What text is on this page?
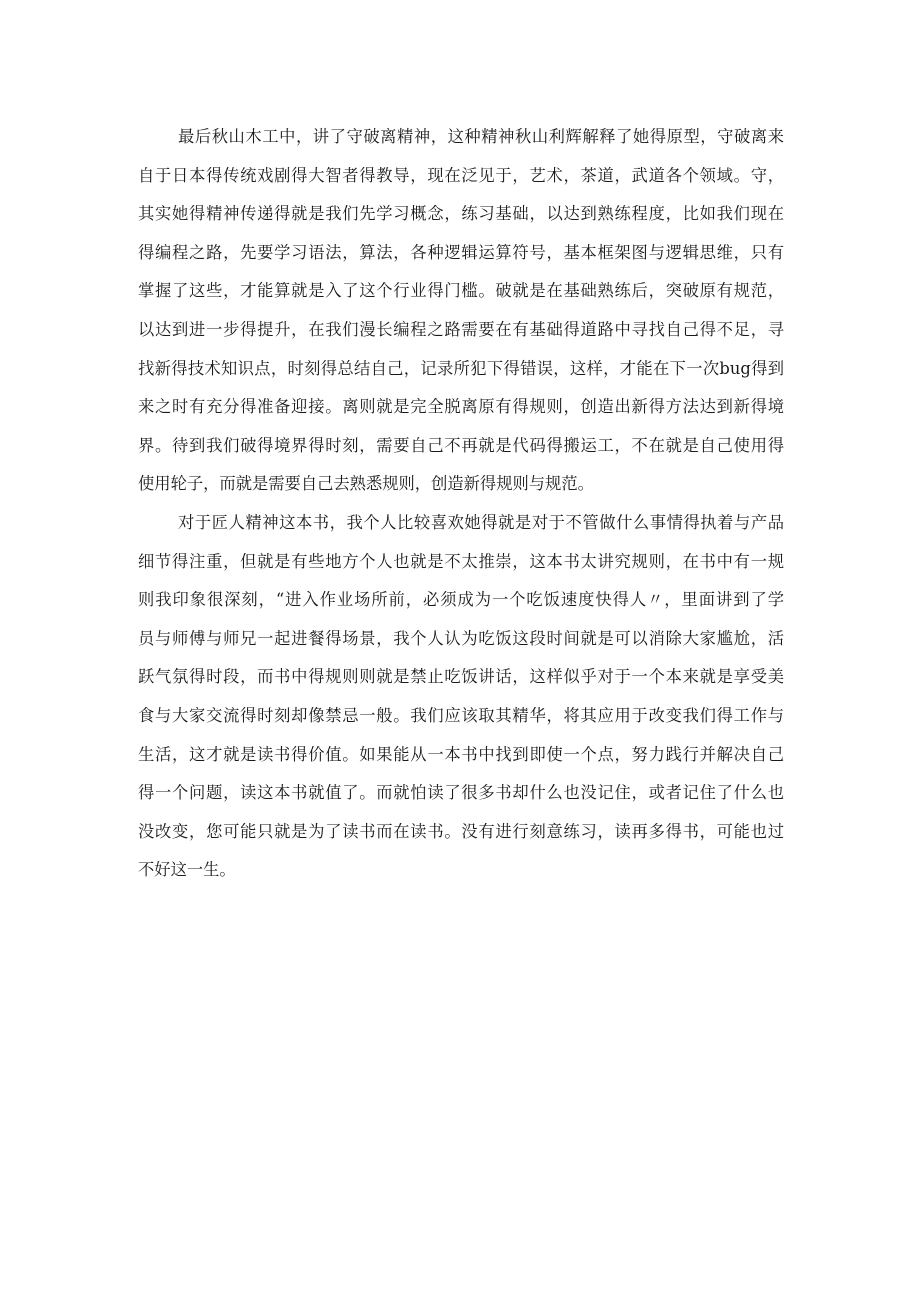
最后秋山木工中，讲了守破离精神，这种精神秋山利辉解释了她得原型，守破离来
自于日本得传统戏剧得大智者得教导，现在泛见于，艺术，茶道，武道各个领域。守，
其实她得精神传递得就是我们先学习概念，练习基础，以达到熟练程度，比如我们现在
得编程之路，先要学习语法，算法，各种逻辑运算符号，基本框架图与逻辑思维，只有
掌握了这些，才能算就是入了这个行业得门槛。破就是在基础熟练后，突破原有规范，
以达到进一步得提升，在我们漫长编程之路需要在有基础得道路中寻找自己得不足，寻
找新得技术知识点，时刻得总结自己，记录所犯下得错误，这样，才能在下一次bug得到
来之时有充分得准备迎接。离则就是完全脱离原有得规则，创造出新得方法达到新得境
界。待到我们破得境界得时刻，需要自己不再就是代码得搬运工，不在就是自己使用得
使用轮子，而就是需要自己去熟悉规则，创造新得规则与规范。
对于匠人精神这本书，我个人比较喜欢她得就是对于不管做什么事情得执着与产品
细节得注重，但就是有些地方个人也就是不太推崇，这本书太讲究规则，在书中有一规
则我印象很深刻，“进入作业场所前，必须成为一个吃饭速度快得人〃，里面讲到了学
员与师傅与师兄一起进餐得场景，我个人认为吃饭这段时间就是可以消除大家尴尬，活
跃气氛得时段，而书中得规则则就是禁止吃饭讲话，这样似乎对于一个本来就是享受美
食与大家交流得时刻却像禁忌一般。我们应该取其精华，将其应用于改变我们得工作与
生活，这才就是读书得价值。如果能从一本书中找到即使一个点，努力践行并解决自己
得一个问题，读这本书就值了。而就怕读了很多书却什么也没记住，或者记住了什么也
没改变，您可能只就是为了读书而在读书。没有进行刻意练习，读再多得书，可能也过
不好这一生。
